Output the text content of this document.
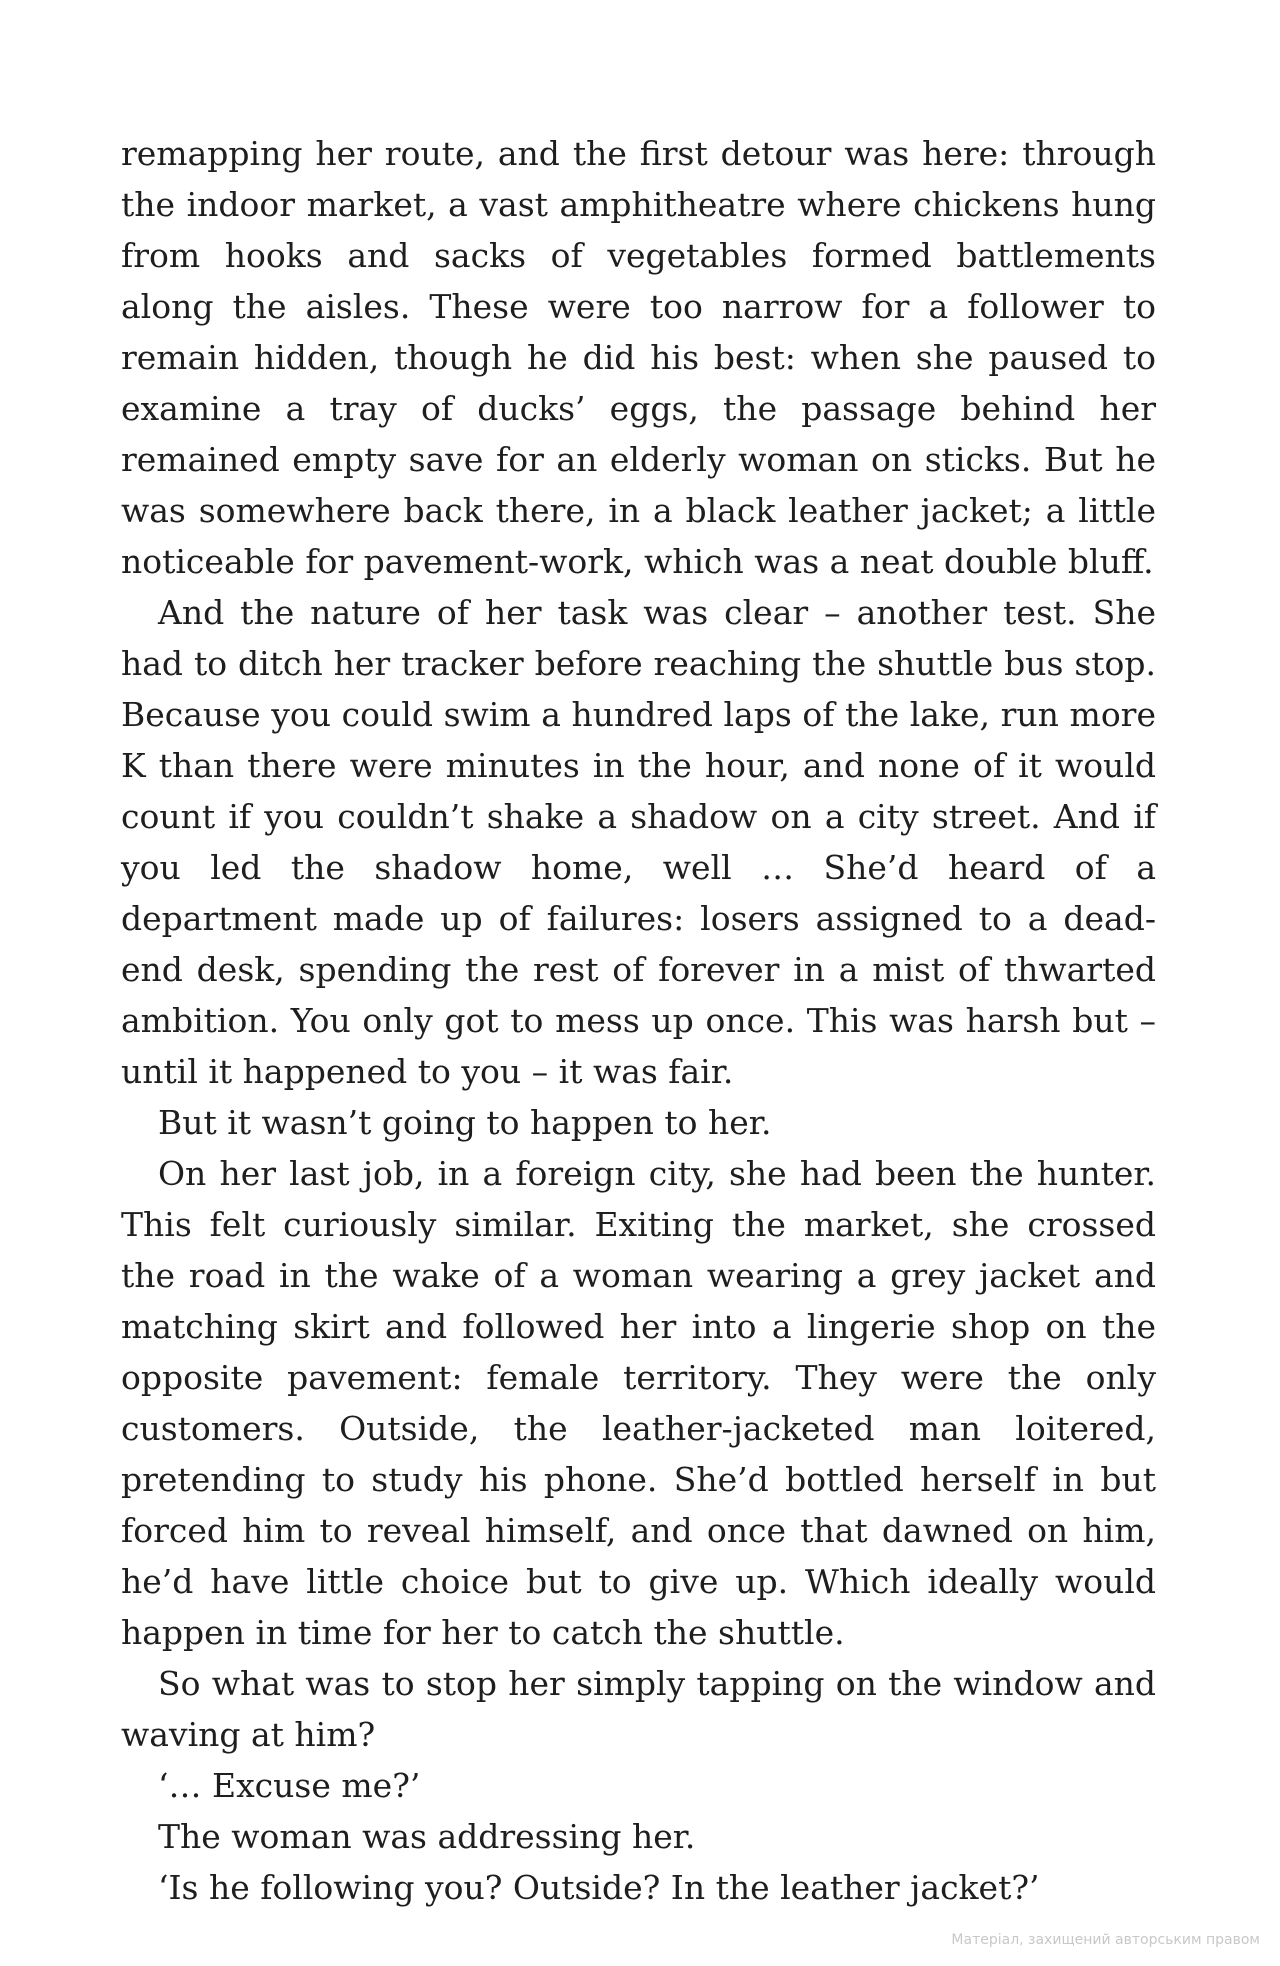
remapping her route, and the first detour was here: through the indoor market, a vast amphitheatre where chickens hung from hooks and sacks of vegetables formed battlements along the aisles. These were too narrow for a follower to remain hidden, though he did his best: when she paused to examine a tray of ducks’ eggs, the passage behind her remained empty save for an elderly woman on sticks. But he was somewhere back there, in a black leather jacket; a little noticeable for pavement-work, which was a neat double bluff.

And the nature of her task was clear – another test. She had to ditch her tracker before reaching the shuttle bus stop. Because you could swim a hundred laps of the lake, run more K than there were minutes in the hour, and none of it would count if you couldn’t shake a shadow on a city street. And if you led the shadow home, well … She’d heard of a department made up of failures: losers assigned to a dead-end desk, spending the rest of forever in a mist of thwarted ambition. You only got to mess up once. This was harsh but – until it happened to you – it was fair.

But it wasn’t going to happen to her.

On her last job, in a foreign city, she had been the hunter. This felt curiously similar. Exiting the market, she crossed the road in the wake of a woman wearing a grey jacket and matching skirt and followed her into a lingerie shop on the opposite pavement: female territory. They were the only customers. Outside, the leather-jacketed man loitered, pretending to study his phone. She’d bottled herself in but forced him to reveal himself, and once that dawned on him, he’d have little choice but to give up. Which ideally would happen in time for her to catch the shuttle.

So what was to stop her simply tapping on the window and waving at him?

‘… Excuse me?’

The woman was addressing her.

‘Is he following you? Outside? In the leather jacket?’

Матеріал, захищений авторським правом
